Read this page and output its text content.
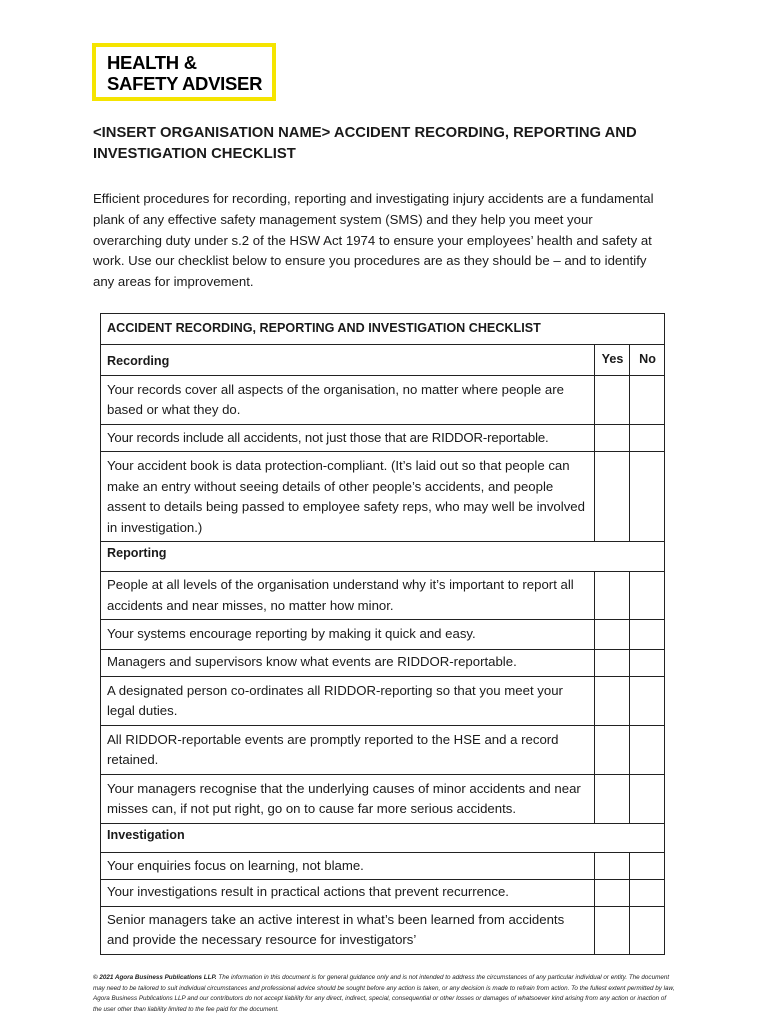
HEALTH &
SAFETY ADVISER
<INSERT ORGANISATION NAME> ACCIDENT RECORDING, REPORTING AND INVESTIGATION CHECKLIST

Efficient procedures for recording, reporting and investigating injury accidents are a fundamental plank of any effective safety management system (SMS) and they help you meet your overarching duty under s.2 of the HSW Act 1974 to ensure your employees’ health and safety at work. Use our checklist below to ensure you procedures are as they should be – and to identify any areas for improvement.

ACCIDENT RECORDING, REPORTING AND INVESTIGATION CHECKLIST		
Recording	Yes	No
Your records cover all aspects of the organisation, no matter where people are based or what they do.		
Your records include all accidents, not just those that are RIDDOR-reportable.		
Your accident book is data protection-compliant. (It’s laid out so that people can make an entry without seeing details of other people’s accidents, and people assent to details being passed to employee safety reps, who may well be involved in investigation.)		
Reporting		
People at all levels of the organisation understand why it’s important to report all accidents and near misses, no matter how minor.		
Your systems encourage reporting by making it quick and easy.		
Managers and supervisors know what events are RIDDOR-reportable.		
A designated person co-ordinates all RIDDOR-reporting so that you meet your legal duties.		
All RIDDOR-reportable events are promptly reported to the HSE and a record retained.		
Your managers recognise that the underlying causes of minor accidents and near misses can, if not put right, go on to cause far more serious accidents.		
Investigation		
Your enquiries focus on learning, not blame.		
Your investigations result in practical actions that prevent recurrence.		
Senior managers take an active interest in what’s been learned from accidents and provide the necessary resource for investigators’		
© 2021 Agora Business Publications LLP. The information in this document is for general guidance only and is not intended to address the circumstances of any particular individual or entity. The document may need to be tailored to suit individual circumstances and professional advice should be sought before any action is taken, or any decision is made to refrain from action. To the fullest extent permitted by law, Agora Business Publications LLP and our contributors do not accept liability for any direct, indirect, special, consequential or other losses or damages of whatsoever kind arising from any action or inaction of the user other than liability limited to the fee paid for the document.
